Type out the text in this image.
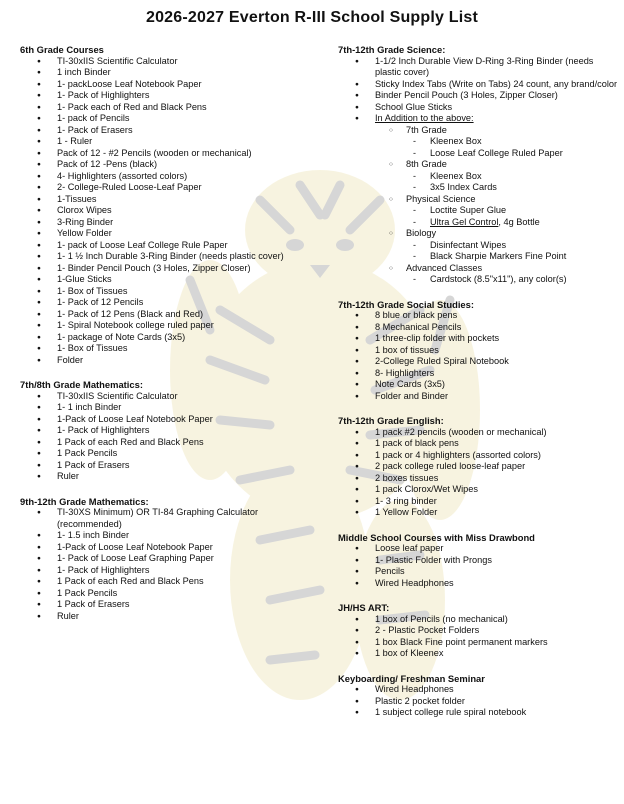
2026-2027 Everton R-III School Supply List
6th Grade Courses
● TI-30xIIS Scientific Calculator
● 1 inch Binder
● 1- packLoose Leaf Notebook Paper
● 1- Pack of Highlighters
● 1- Pack each of Red and Black Pens
● 1- pack of Pencils
● 1- Pack of Erasers
● 1 - Ruler
● Pack of 12 - #2 Pencils (wooden or mechanical)
● Pack of 12 -Pens (black)
● 4- Highlighters (assorted colors)
● 2- College-Ruled Loose-Leaf Paper
● 1-Tissues
● Clorox Wipes
● 3-Ring Binder
● Yellow Folder
● 1- pack of Loose Leaf College Rule Paper
● 1- 1 ½ Inch Durable 3-Ring Binder (needs plastic cover)
● 1- Binder Pencil Pouch (3 Holes, Zipper Closer)
● 1-Glue Sticks
● 1- Box of Tissues
● 1- Pack of 12 Pencils
● 1- Pack of 12 Pens (Black and Red)
● 1- Spiral Notebook college ruled paper
● 1- package of Note Cards (3x5)
● 1- Box of Tissues
● Folder
7th/8th Grade Mathematics:
● TI-30xIIS Scientific Calculator
● 1- 1 inch Binder
● 1-Pack of Loose Leaf Notebook Paper
● 1- Pack of Highlighters
● 1 Pack of each Red and Black Pens
● 1 Pack Pencils
● 1 Pack of Erasers
● Ruler
9th-12th Grade Mathematics:
● TI-30XS Minimum) OR TI-84 Graphing Calculator (recommended)
● 1- 1.5 inch Binder
● 1-Pack of Loose Leaf Notebook Paper
● 1- Pack of Loose Leaf Graphing Paper
● 1- Pack of Highlighters
● 1 Pack of each Red and Black Pens
● 1 Pack Pencils
● 1 Pack of Erasers
● Ruler
7th-12th Grade Science:
● 1-1/2 Inch Durable View D-Ring 3-Ring Binder (needs plastic cover)
● Sticky Index Tabs (Write on Tabs) 24 count, any brand/color
● Binder Pencil Pouch (3 Holes, Zipper Closer)
● School Glue Sticks
● In Addition to the above:
○ 7th Grade
- Kleenex Box
- Loose Leaf College Ruled Paper
○ 8th Grade
- Kleenex Box
- 3x5 Index Cards
○ Physical Science
- Loctite Super Glue
- Ultra Gel Control, 4g Bottle
○ Biology
- Disinfectant Wipes
- Black Sharpie Markers Fine Point
○ Advanced Classes
- Cardstock (8.5"x11"), any color(s)
7th-12th Grade Social Studies:
● 8 blue or black pens
● 8 Mechanical Pencils
● 1 three-clip folder with pockets
● 1 box of tissues
● 2-College Ruled Spiral Notebook
● 8- Highlighters
● Note Cards (3x5)
● Folder and Binder
7th-12th Grade English:
● 1 pack #2 pencils (wooden or mechanical)
● 1 pack of black pens
● 1 pack or 4 highlighters (assorted colors)
● 2 pack college ruled loose-leaf paper
● 2 boxes tissues
● 1 pack Clorox/Wet Wipes
● 1- 3 ring binder
● 1 Yellow Folder
Middle School Courses with Miss Drawbond
● Loose leaf paper
● 1- Plastic Folder with Prongs
● Pencils
● Wired Headphones
JH/HS ART:
● 1 box of Pencils (no mechanical)
● 2 - Plastic Pocket Folders
● 1 box Black Fine point permanent markers
● 1 box of Kleenex
Keyboarding/ Freshman Seminar
● Wired Headphones
● Plastic 2 pocket folder
● 1 subject college rule spiral notebook
